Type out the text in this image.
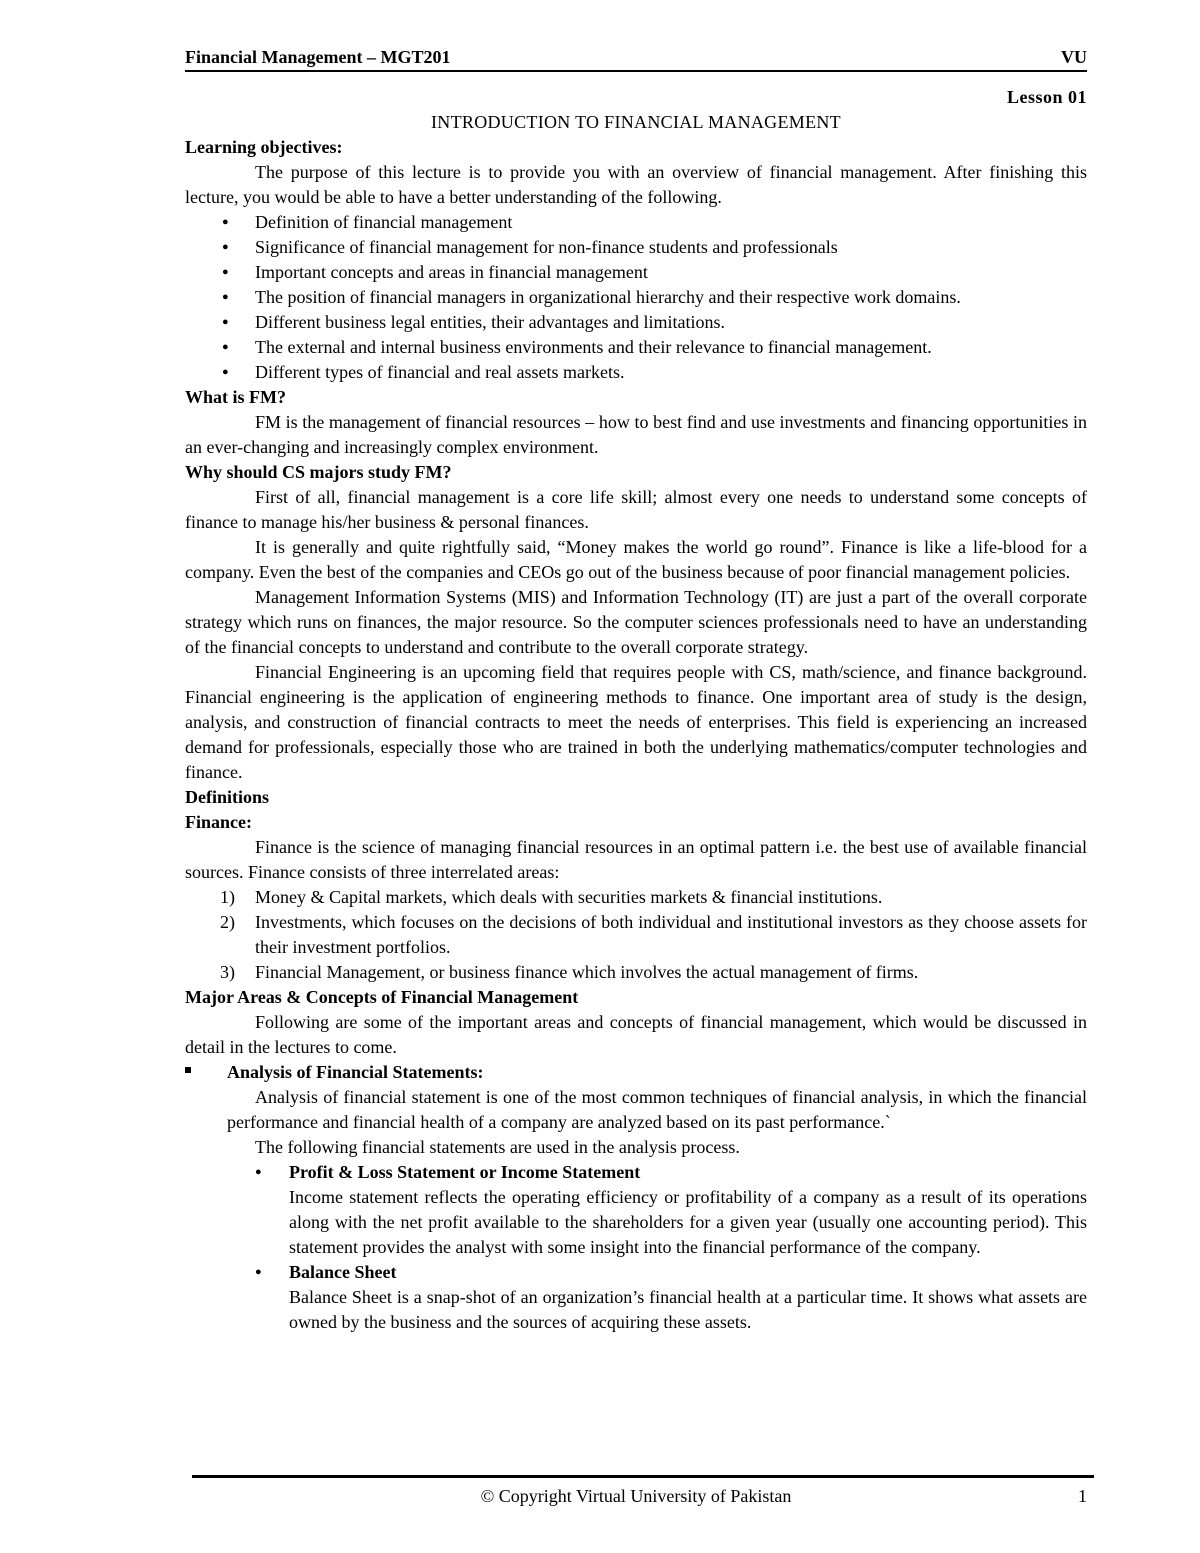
Financial Management – MGT201	VU

Lesson 01

INTRODUCTION TO FINANCIAL MANAGEMENT

Learning objectives:

The purpose of this lecture is to provide you with an overview of financial management. After finishing this lecture, you would be able to have a better understanding of the following.

● Definition of financial management
● Significance of financial management for non-finance students and professionals
● Important concepts and areas in financial management
● The position of financial managers in organizational hierarchy and their respective work domains.
● Different business legal entities, their advantages and limitations.
● The external and internal business environments and their relevance to financial management.
● Different types of financial and real assets markets.

What is FM?

FM is the management of financial resources – how to best find and use investments and financing opportunities in an ever-changing and increasingly complex environment.

Why should CS majors study FM?

First of all, financial management is a core life skill; almost every one needs to understand some concepts of finance to manage his/her business & personal finances.

It is generally and quite rightfully said, “Money makes the world go round”. Finance is like a life-blood for a company. Even the best of the companies and CEOs go out of the business because of poor financial management policies.

Management Information Systems (MIS) and Information Technology (IT) are just a part of the overall corporate strategy which runs on finances, the major resource. So the computer sciences professionals need to have an understanding of the financial concepts to understand and contribute to the overall corporate strategy.

Financial Engineering is an upcoming field that requires people with CS, math/science, and finance background. Financial engineering is the application of engineering methods to finance. One important area of study is the design, analysis, and construction of financial contracts to meet the needs of enterprises. This field is experiencing an increased demand for professionals, especially those who are trained in both the underlying mathematics/computer technologies and finance.

Definitions

Finance:

Finance is the science of managing financial resources in an optimal pattern i.e. the best use of available financial sources. Finance consists of three interrelated areas:

1) Money & Capital markets, which deals with securities markets & financial institutions.
2) Investments, which focuses on the decisions of both individual and institutional investors as they choose assets for their investment portfolios.
3) Financial Management, or business finance which involves the actual management of firms.

Major Areas & Concepts of Financial Management

Following are some of the important areas and concepts of financial management, which would be discussed in detail in the lectures to come.

Analysis of Financial Statements:

Analysis of financial statement is one of the most common techniques of financial analysis, in which the financial performance and financial health of a company are analyzed based on its past performance.`

The following financial statements are used in the analysis process.

● Profit & Loss Statement or Income Statement

Income statement reflects the operating efficiency or profitability of a company as a result of its operations along with the net profit available to the shareholders for a given year (usually one accounting period). This statement provides the analyst with some insight into the financial performance of the company.

● Balance Sheet

Balance Sheet is a snap-shot of an organization’s financial health at a particular time. It shows what assets are owned by the business and the sources of acquiring these assets.

© Copyright Virtual University of Pakistan	1
